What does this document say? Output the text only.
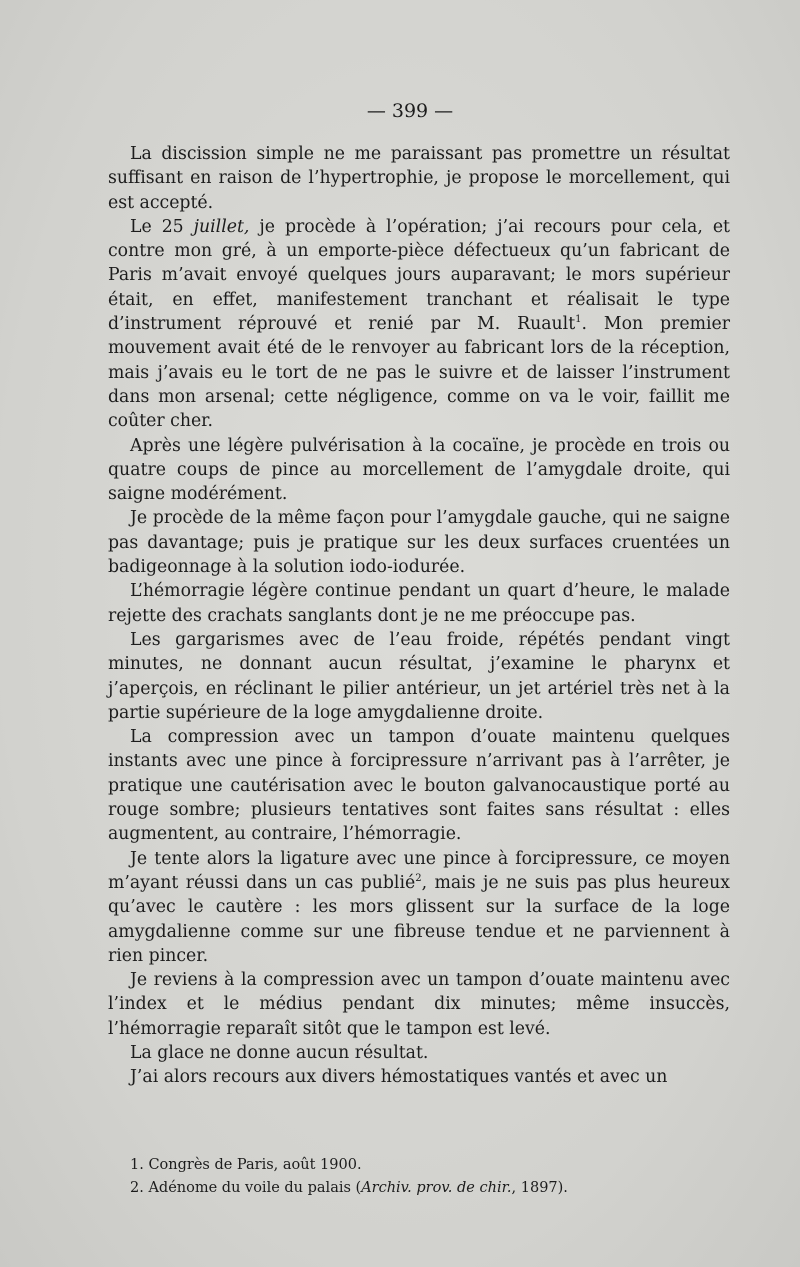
— 399 —

La discission simple ne me paraissant pas promettre un résultat suffisant en raison de l’hypertrophie, je propose le morcellement, qui est accepté.

Le 25 juillet, je procède à l’opération; j’ai recours pour cela, et contre mon gré, à un emporte-pièce défectueux qu’un fabricant de Paris m’avait envoyé quelques jours auparavant; le mors supérieur était, en effet, manifestement tranchant et réalisait le type d’instrument réprouvé et renié par M. Ruault$^1$. Mon premier mouvement avait été de le renvoyer au fabricant lors de la réception, mais j’avais eu le tort de ne pas le suivre et de laisser l’instrument dans mon arsenal; cette négligence, comme on va le voir, faillit me coûter cher.

Après une légère pulvérisation à la cocaïne, je procède en trois ou quatre coups de pince au morcellement de l’amygdale droite, qui saigne modérément.

Je procède de la même façon pour l’amygdale gauche, qui ne saigne pas davantage; puis je pratique sur les deux surfaces cruentées un badigeonnage à la solution iodo-iodurée.

L’hémorragie légère continue pendant un quart d’heure, le malade rejette des crachats sanglants dont je ne me préoccupe pas.

Les gargarismes avec de l’eau froide, répétés pendant vingt minutes, ne donnant aucun résultat, j’examine le pharynx et j’aperçois, en réclinant le pilier antérieur, un jet artériel très net à la partie supérieure de la loge amygdalienne droite.

La compression avec un tampon d’ouate maintenu quelques instants avec une pince à forcipressure n’arrivant pas à l’arrêter, je pratique une cautérisation avec le bouton galvanocaustique porté au rouge sombre; plusieurs tentatives sont faites sans résultat : elles augmentent, au contraire, l’hémorragie.

Je tente alors la ligature avec une pince à forcipressure, ce moyen m’ayant réussi dans un cas publié$^2$, mais je ne suis pas plus heureux qu’avec le cautère : les mors glissent sur la surface de la loge amygdalienne comme sur une fibreuse tendue et ne parviennent à rien pincer.

Je reviens à la compression avec un tampon d’ouate maintenu avec l’index et le médius pendant dix minutes; même insuccès, l’hémorragie reparaît sitôt que le tampon est levé.

La glace ne donne aucun résultat.

J’ai alors recours aux divers hémostatiques vantés et avec un

1. Congrès de Paris, août 1900.

2. Adénome du voile du palais (Archiv. prov. de chir., 1897).
